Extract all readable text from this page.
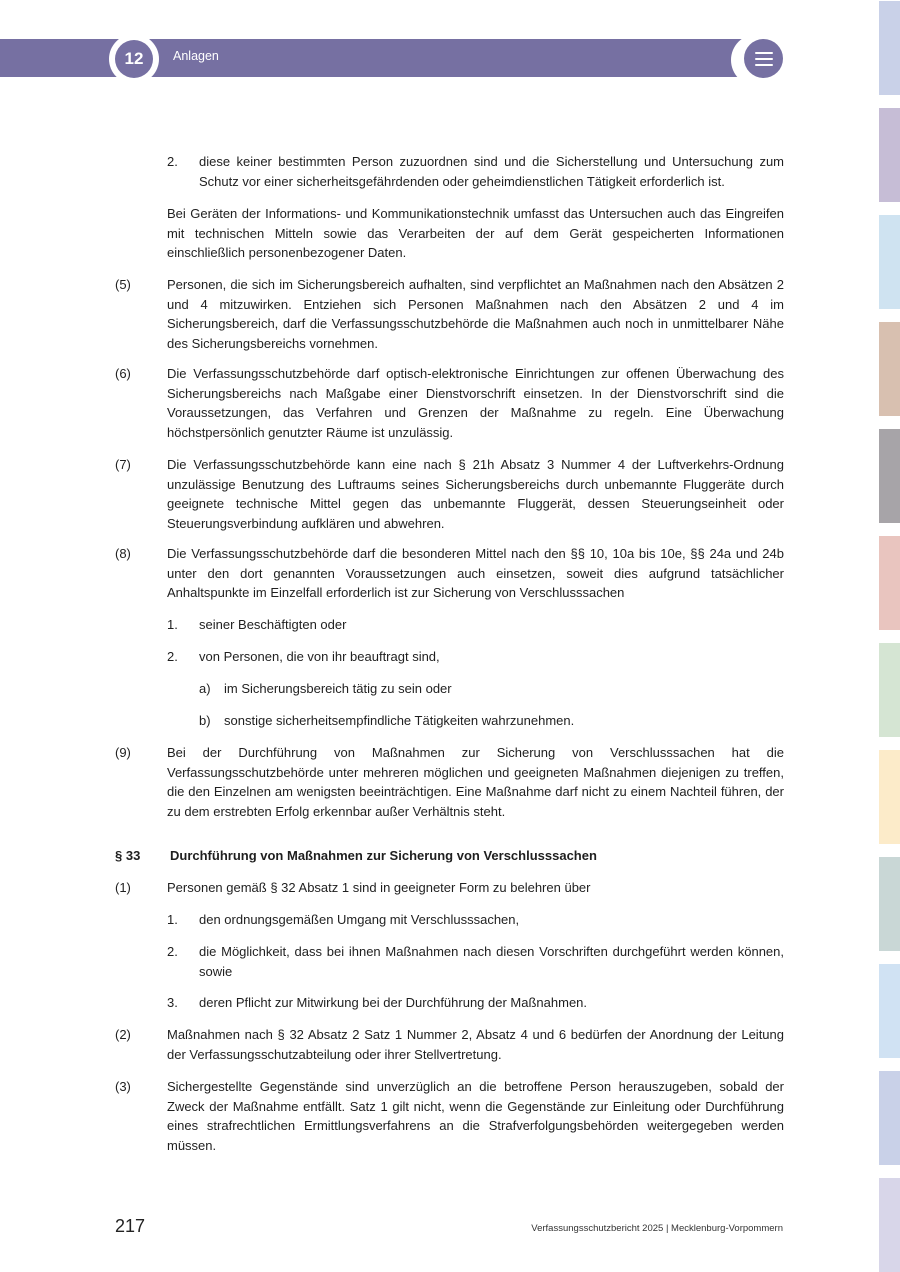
12	Anlagen
2. diese keiner bestimmten Person zuzuordnen sind und die Sicherstellung und Untersuchung zum Schutz vor einer sicherheitsgefährdenden oder geheimdienstlichen Tätigkeit erforderlich ist.

Bei Geräten der Informations- und Kommunikationstechnik umfasst das Untersuchen auch das Eingreifen mit technischen Mitteln sowie das Verarbeiten der auf dem Gerät gespeicherten Informationen einschließlich personenbezogener Daten.

(5)	Personen, die sich im Sicherungsbereich aufhalten, sind verpflichtet an Maßnahmen nach den Absätzen 2 und 4 mitzuwirken. Entziehen sich Personen Maßnahmen nach den Absätzen 2 und 4 im Sicherungsbereich, darf die Verfassungsschutzbehörde die Maßnahmen auch noch in unmittelbarer Nähe des Sicherungsbereichs vornehmen.

(6)	Die Verfassungsschutzbehörde darf optisch-elektronische Einrichtungen zur offenen Überwachung des Sicherungsbereichs nach Maßgabe einer Dienstvorschrift einsetzen. In der Dienstvorschrift sind die Voraussetzungen, das Verfahren und Grenzen der Maßnahme zu regeln. Eine Überwachung höchstpersönlich genutzter Räume ist unzulässig.

(7)	Die Verfassungsschutzbehörde kann eine nach § 21h Absatz 3 Nummer 4 der Luftverkehrs-Ordnung unzulässige Benutzung des Luftraums seines Sicherungsbereichs durch unbemannte Fluggeräte durch geeignete technische Mittel gegen das unbemannte Fluggerät, dessen Steuerungseinheit oder Steuerungsverbindung aufklären und abwehren.

(8)	Die Verfassungsschutzbehörde darf die besonderen Mittel nach den §§ 10, 10a bis 10e, §§ 24a und 24b unter den dort genannten Voraussetzungen auch einsetzen, soweit dies aufgrund tatsächlicher Anhaltspunkte im Einzelfall erforderlich ist zur Sicherung von Verschlusssachen

1. seiner Beschäftigten oder

2. von Personen, die von ihr beauftragt sind,

a) im Sicherungsbereich tätig zu sein oder

b) sonstige sicherheitsempfindliche Tätigkeiten wahrzunehmen.

(9)	Bei der Durchführung von Maßnahmen zur Sicherung von Verschlusssachen hat die Verfassungsschutzbehörde unter mehreren möglichen und geeigneten Maßnahmen diejenigen zu treffen, die den Einzelnen am wenigsten beeinträchtigen. Eine Maßnahme darf nicht zu einem Nachteil führen, der zu dem erstrebten Erfolg erkennbar außer Verhältnis steht.

§ 33 Durchführung von Maßnahmen zur Sicherung von Verschlusssachen
(1)	Personen gemäß § 32 Absatz 1 sind in geeigneter Form zu belehren über

1. den ordnungsgemäßen Umgang mit Verschlusssachen,

2. die Möglichkeit, dass bei ihnen Maßnahmen nach diesen Vorschriften durchgeführt werden können, sowie

3. deren Pflicht zur Mitwirkung bei der Durchführung der Maßnahmen.

(2)	Maßnahmen nach § 32 Absatz 2 Satz 1 Nummer 2, Absatz 4 und 6 bedürfen der Anordnung der Leitung der Verfassungsschutzabteilung oder ihrer Stellvertretung.

(3)	Sichergestellte Gegenstände sind unverzüglich an die betroffene Person herauszugeben, sobald der Zweck der Maßnahme entfällt. Satz 1 gilt nicht, wenn die Gegenstände zur Einleitung oder Durchführung eines strafrechtlichen Ermittlungsverfahrens an die Strafverfolgungsbehörden weitergegeben werden müssen.

217	Verfassungsschutzbericht 2025 | Mecklenburg-Vorpommern
